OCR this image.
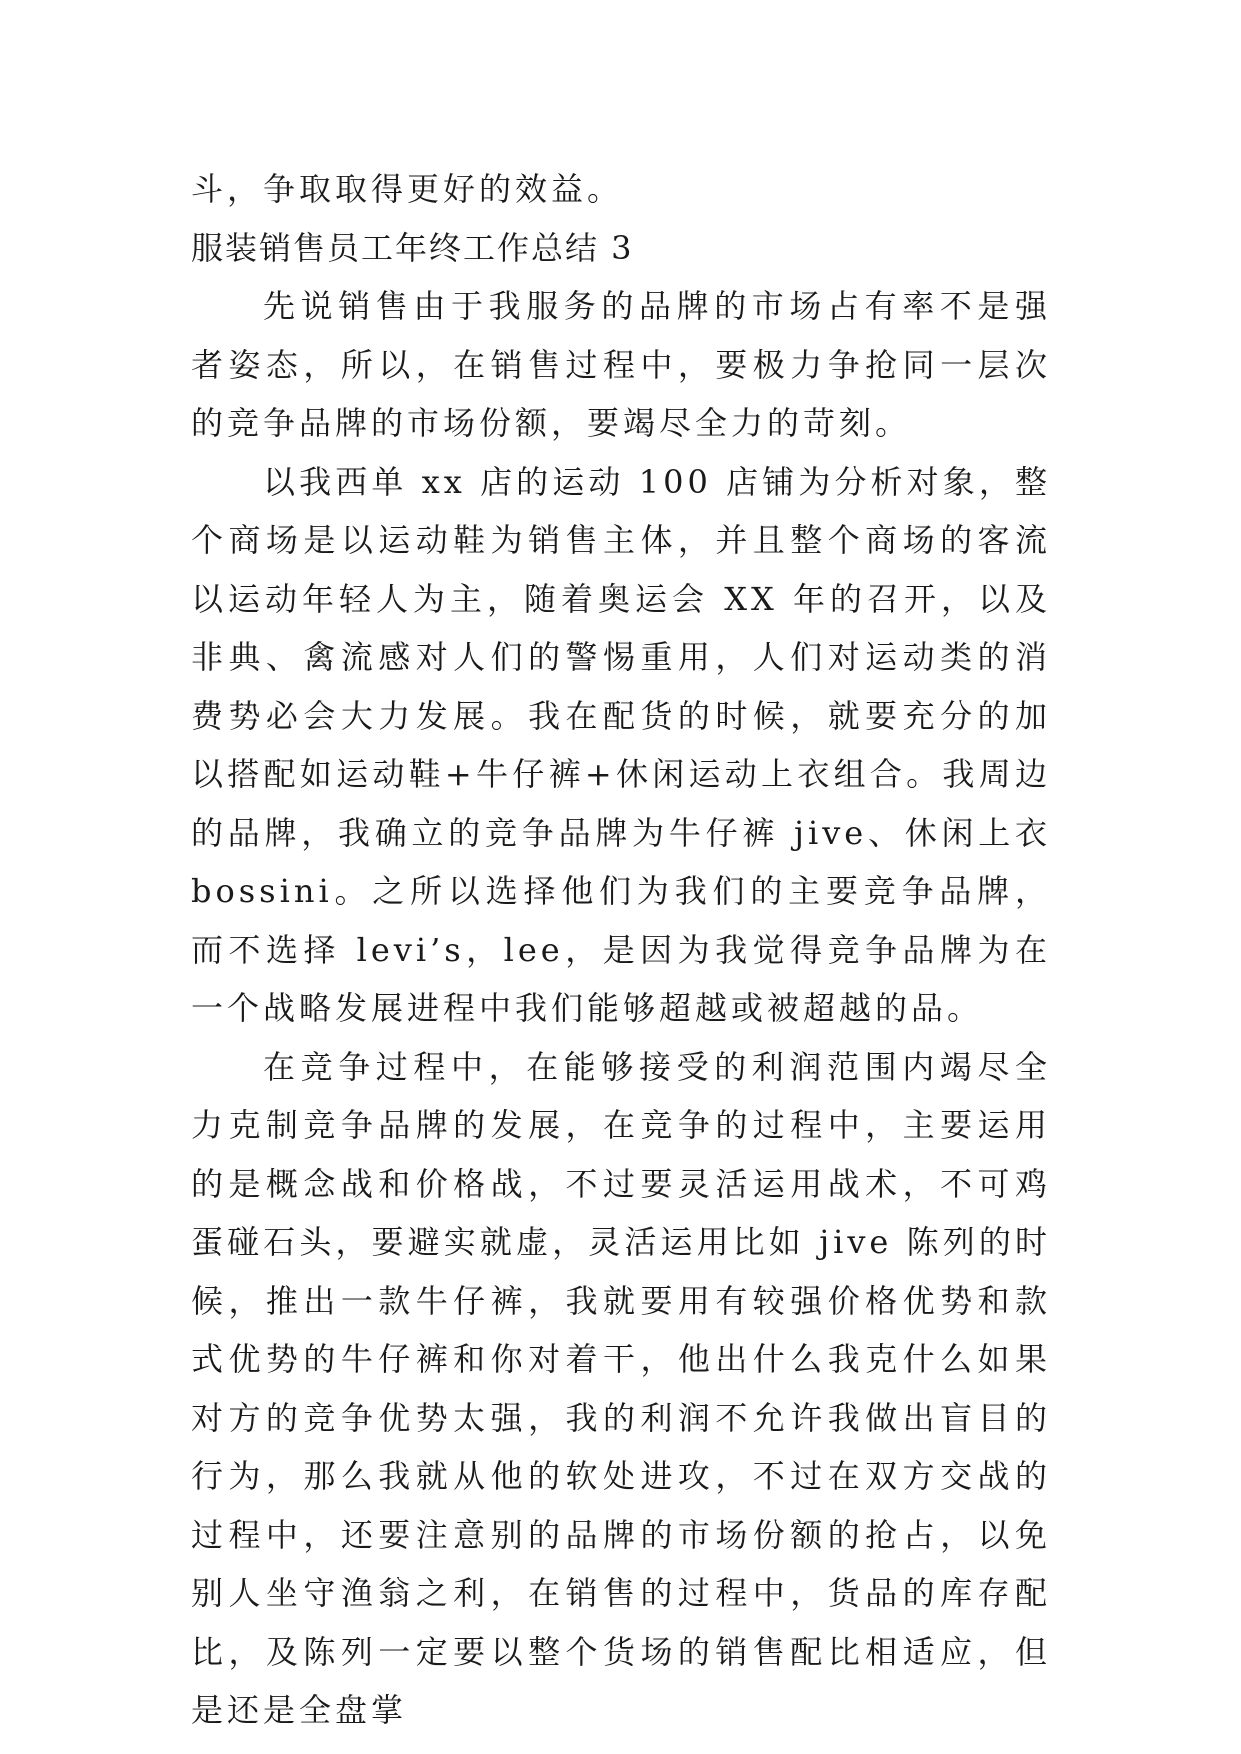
斗，争取取得更好的效益。

服装销售员工年终工作总结 3

先说销售由于我服务的品牌的市场占有率不是强者姿态，所以，在销售过程中，要极力争抢同一层次的竞争品牌的市场份额，要竭尽全力的苛刻。

以我西单 xx 店的运动 100 店铺为分析对象，整个商场是以运动鞋为销售主体，并且整个商场的客流以运动年轻人为主，随着奥运会 XX 年的召开，以及非典、禽流感对人们的警惕重用，人们对运动类的消费势必会大力发展。我在配货的时候，就要充分的加以搭配如运动鞋+牛仔裤+休闲运动上衣组合。我周边的品牌，我确立的竞争品牌为牛仔裤 jive、休闲上衣 bossini。之所以选择他们为我们的主要竞争品牌，而不选择 levi’s，lee，是因为我觉得竞争品牌为在一个战略发展进程中我们能够超越或被超越的品。

在竞争过程中，在能够接受的利润范围内竭尽全力克制竞争品牌的发展，在竞争的过程中，主要运用的是概念战和价格战，不过要灵活运用战术，不可鸡蛋碰石头，要避实就虚，灵活运用比如 jive 陈列的时候，推出一款牛仔裤，我就要用有较强价格优势和款式优势的牛仔裤和你对着干，他出什么我克什么如果对方的竞争优势太强，我的利润不允许我做出盲目的行为，那么我就从他的软处进攻，不过在双方交战的过程中，还要注意别的品牌的市场份额的抢占，以免别人坐守渔翁之利，在销售的过程中，货品的库存配比，及陈列一定要以整个货场的销售配比相适应，但是还是全盘掌
